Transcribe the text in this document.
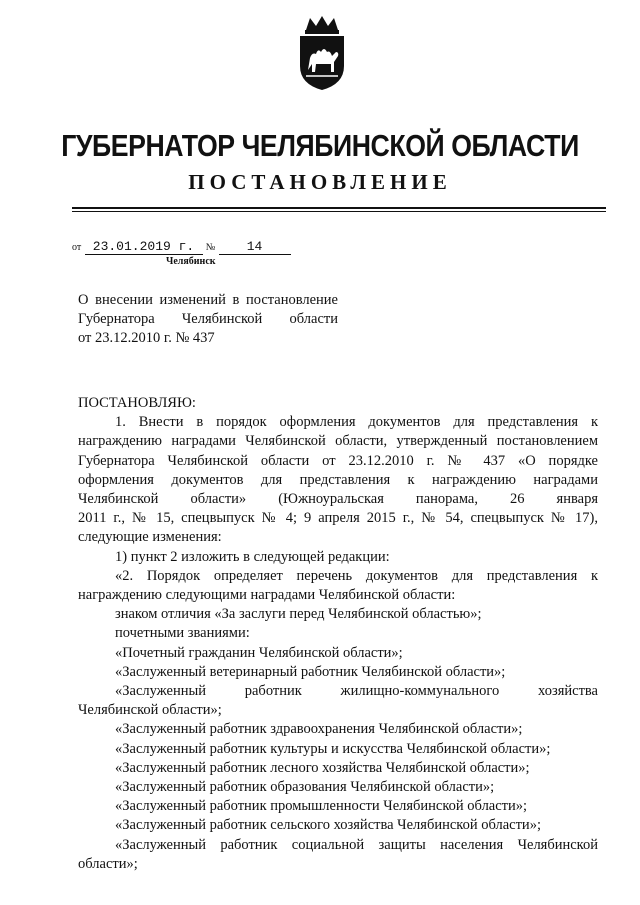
ГУБЕРНАТОР ЧЕЛЯБИНСКОЙ ОБЛАСТИ
ПОСТАНОВЛЕНИЕ
от 23.01.2019 г. № 14
Челябинск
О внесении изменений в постановление
Губернатора Челябинской области
от 23.12.2010 г. № 437

ПОСТАНОВЛЯЮ:

1. Внести в порядок оформления документов для представления к

награждению наградами Челябинской области, утвержденный постановлением

Губернатора Челябинской области от 23.12.2010 г. № 437 «О порядке

оформления документов для представления к награждению наградами

Челябинской области» (Южноуральская панорама, 26 января

2011 г., № 15, спецвыпуск № 4; 9 апреля 2015 г., № 54, спецвыпуск № 17),

следующие изменения:

1) пункт 2 изложить в следующей редакции:

«2. Порядок определяет перечень документов для представления к

награждению следующими наградами Челябинской области:

знаком отличия «За заслуги перед Челябинской областью»;

почетными званиями:

«Почетный гражданин Челябинской области»;

«Заслуженный ветеринарный работник Челябинской области»;

«Заслуженный работник жилищно-коммунального хозяйства

Челябинской области»;

«Заслуженный работник здравоохранения Челябинской области»;

«Заслуженный работник культуры и искусства Челябинской области»;

«Заслуженный работник лесного хозяйства Челябинской области»;

«Заслуженный работник образования Челябинской области»;

«Заслуженный работник промышленности Челябинской области»;

«Заслуженный работник сельского хозяйства Челябинской области»;

«Заслуженный работник социальной защиты населения Челябинской

области»;
